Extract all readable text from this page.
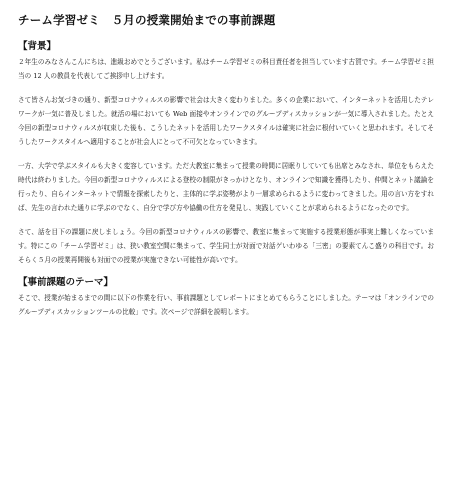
チーム学習ゼミ　５月の授業開始までの事前課題
【背景】

２年生のみなさんこんにちは、進級おめでとうございます。私はチーム学習ゼミの科目責任者を担当しています古賀です。チーム学習ゼミ担当の 12 人の教員を代表してご挨拶申し上げます。

さて皆さんお気づきの通り、新型コロナウィルスの影響で社会は大きく変わりました。多くの企業において、インターネットを活用したテレワークが一気に普及しました。就活の場においても Web 面接やオンラインでのグループディスカッションが一気に導入されました。たとえ今回の新型コロナウィルスが収束した後も、こうしたネットを活用したワークスタイルは確実に社会に根付いていくと思われます。そしてそうしたワークスタイルへ適用することが社会人にとって不可欠となっていきます。

一方、大学で学ぶスタイルも大きく変容しています。ただ大教室に集まって授業の時間に居眠りしていても出席とみなされ、単位をもらえた時代は終わりました。今回の新型コロナウィルスによる登校の制限がきっかけとなり、オンラインで知識を獲得したり、仲間とネット議論を行ったり、自らインターネットで情報を探索したりと、主体的に学ぶ姿勢がより一層求められるように変わってきました。用の言い方をすれば、先生の言われた通りに学ぶのでなく、自分で学び方や協働の仕方を発見し、実践していくことが求められるようになったのです。

さて、話を目下の課題に戻しましょう。今回の新型コロナウィルスの影響で、教室に集まって実施する授業形態が事実上難しくなっています。特にこの「チーム学習ゼミ」は、狭い教室空間に集まって、学生同士が対面で対話ゲいわゆる「三密」の要素てんこ盛りの科目です。おそらく５月の授業再開後も対面での授業が実施できない可能性が高いです。

【事前課題のテーマ】

そこで、授業が始まるまでの間に以下の作業を行い、事前課題としてレポートにまとめてもらうことにしました。テーマは「オンラインでのグループディスカッションツールの比較」です。次ページで詳細を説明します。
